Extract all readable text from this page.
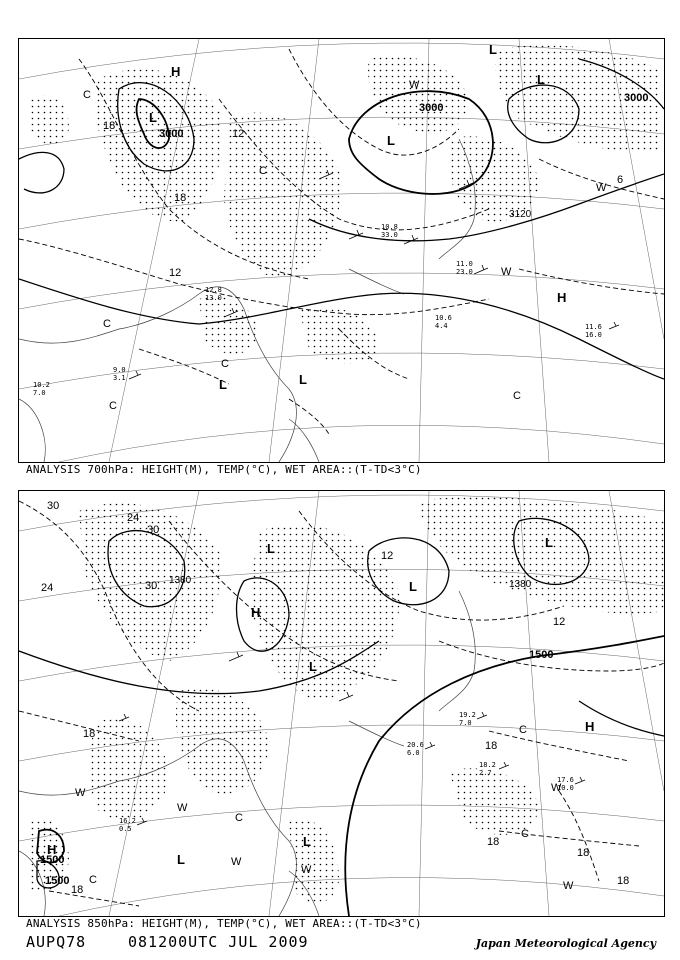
3000
3000
3000
3120
18
12
12
18
6
H
L
L
L
L
H
L
L
C
C
W
C
W
C
C
W
C
12.8
13.0
10.8
33.0
11.0
23.0
10.6
4.4	11.6
16.0
9.0
3.1
10.2
7.0
ANALYSIS 700hPa: HEIGHT(M), TEMP(°C), WET AREA::(T-TD<3°C)
1500
1500
1500
1380	1380
30
24
30
24	30
12
18
18
12
18
18
18
18
H
L
L
L
H
L
L
L
H
W
W
C
W
C
C
W
W
C
W
18.2
2.7
17.6
10.0
20.6
6.0
19.2
7.0
16.2
0.5
ANALYSIS 850hPa: HEIGHT(M), TEMP(°C), WET AREA::(T-TD<3°C)
AUPQ78	081200UTC JUL 2009	Japan Meteorological Agency
